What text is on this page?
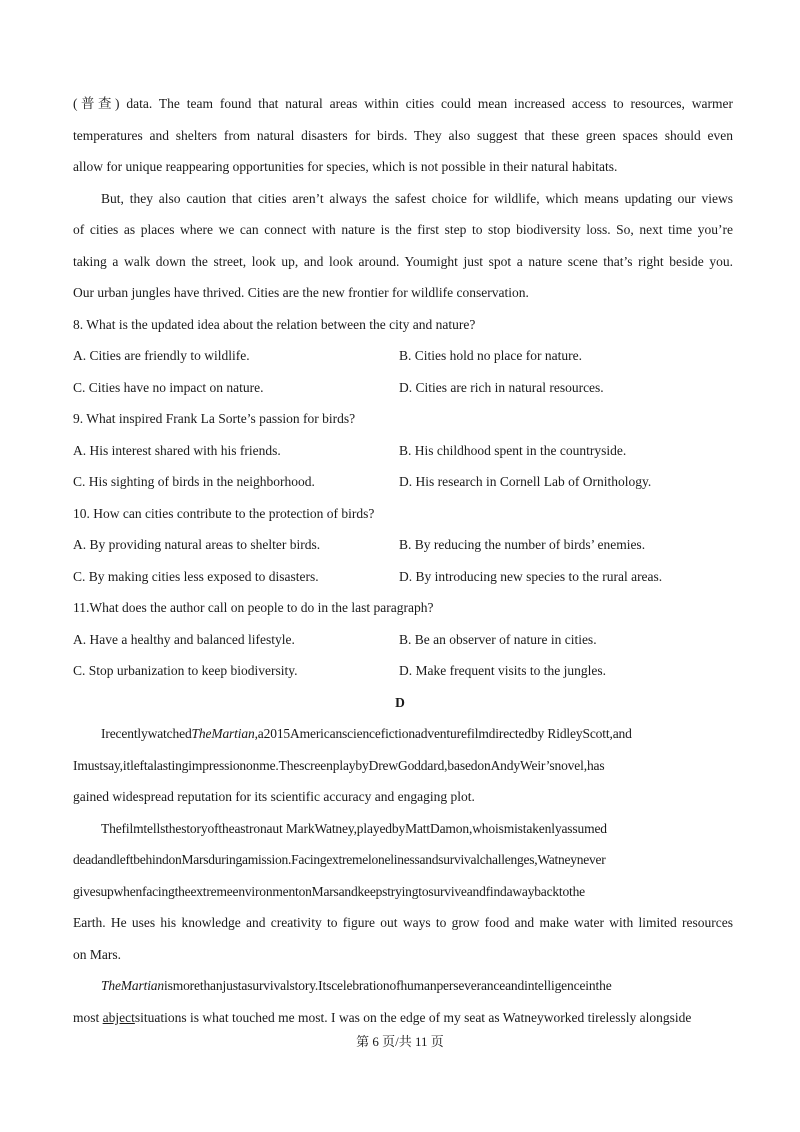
(普查) data. The team found that natural areas within cities could mean increased access to resources, warmer
temperatures and shelters from natural disasters for birds. They also suggest that these green spaces should even
allow for unique reappearing opportunities for species, which is not possible in their natural habitats.
But, they also caution that cities aren’t always the safest choice for wildlife, which means updating our views
of cities as places where we can connect with nature is the first step to stop biodiversity loss. So, next time you’re
taking a walk down the street, look up, and look around. Youmight just spot a nature scene that’s right beside you.
Our urban jungles have thrived. Cities are the new frontier for wildlife conservation.
8. What is the updated idea about the relation between the city and nature?
A. Cities are friendly to wildlife.	B. Cities hold no place for nature.
C. Cities have no impact on nature.	D. Cities are rich in natural resources.
9. What inspired Frank La Sorte’s passion for birds?
A. His interest shared with his friends.	B. His childhood spent in the countryside.
C. His sighting of birds in the neighborhood.	D. His research in Cornell Lab of Ornithology.
10. How can cities contribute to the protection of birds?
A. By providing natural areas to shelter birds.	B. By reducing the number of birds’ enemies.
C. By making cities less exposed to disasters.	D. By introducing new species to the rural areas.
11.What does the author call on people to do in the last paragraph?
A. Have a healthy and balanced lifestyle.	B. Be an observer of nature in cities.
C. Stop urbanization to keep biodiversity.	D. Make frequent visits to the jungles.
D
IrecentlywatchedTheMartian,a2015Americansciencefictionadventurefilmdirectedby RidleyScott,and
Imustsay,itleftalastingimpressiononme.ThescreenplaybyDrewGoddard,basedonAndyWeir’snovel,has
gained widespread reputation for its scientific accuracy and engaging plot.
Thefilmtellsthestoryoftheastronaut MarkWatney,playedbyMattDamon,whoismistakenlyassumed
deadandleftbehindonMarsduringamission.Facingextremelonelinessandsurvivalchallenges,Watneynever
givesupwhenfacingtheextremeenvironmentonMarsandkeepstryingtosurviveandfindawaybacktothe
Earth. He uses his knowledge and creativity to figure out ways to grow food and make water with limited resources
on Mars.
TheMartianismorethanjustasurvivalstory.Itscelebrationofhumanperseveranceandintelligenceinthe
most abjectsituations is what touched me most. I was on the edge of my seat as Watneyworked tirelessly alongside
第 6 页/共 11 页
